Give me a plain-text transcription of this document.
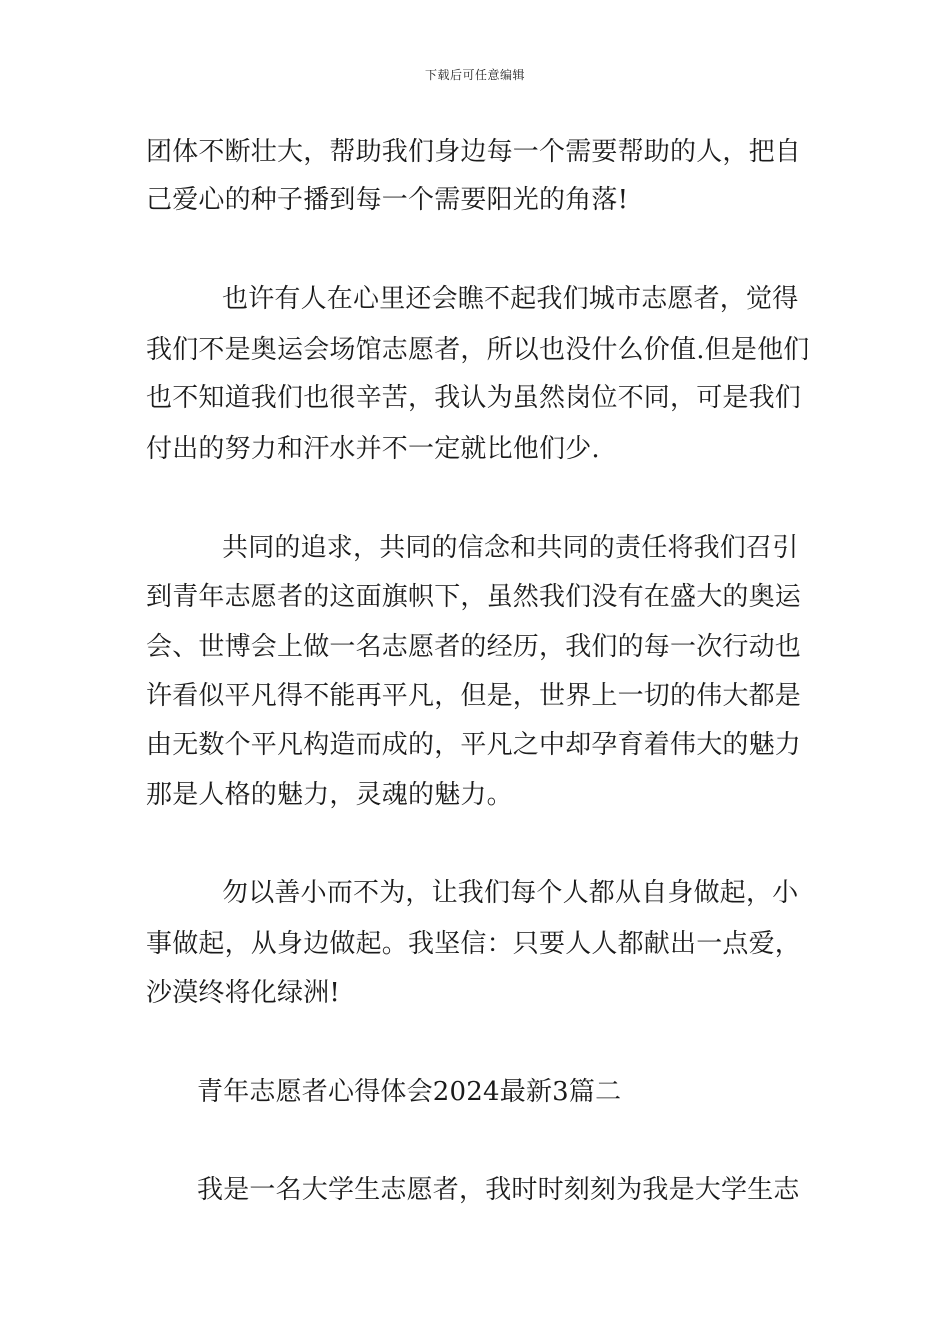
下载后可任意编辑
团体不断壮大，帮助我们身边每一个需要帮助的人，把自
己爱心的种子播到每一个需要阳光的角落!
也许有人在心里还会瞧不起我们城市志愿者，觉得
我们不是奥运会场馆志愿者，所以也没什么价值.但是他们
也不知道我们也很辛苦，我认为虽然岗位不同，可是我们
付出的努力和汗水并不一定就比他们少.
共同的追求，共同的信念和共同的责任将我们召引
到青年志愿者的这面旗帜下，虽然我们没有在盛大的奥运
会、世博会上做一名志愿者的经历，我们的每一次行动也
许看似平凡得不能再平凡，但是，世界上一切的伟大都是
由无数个平凡构造而成的，平凡之中却孕育着伟大的魅力
那是人格的魅力，灵魂的魅力。
勿以善小而不为，让我们每个人都从自身做起，小
事做起，从身边做起。我坚信：只要人人都献出一点爱，
沙漠终将化绿洲!
青年志愿者心得体会2024最新3篇二
我是一名大学生志愿者，我时时刻刻为我是大学生志
